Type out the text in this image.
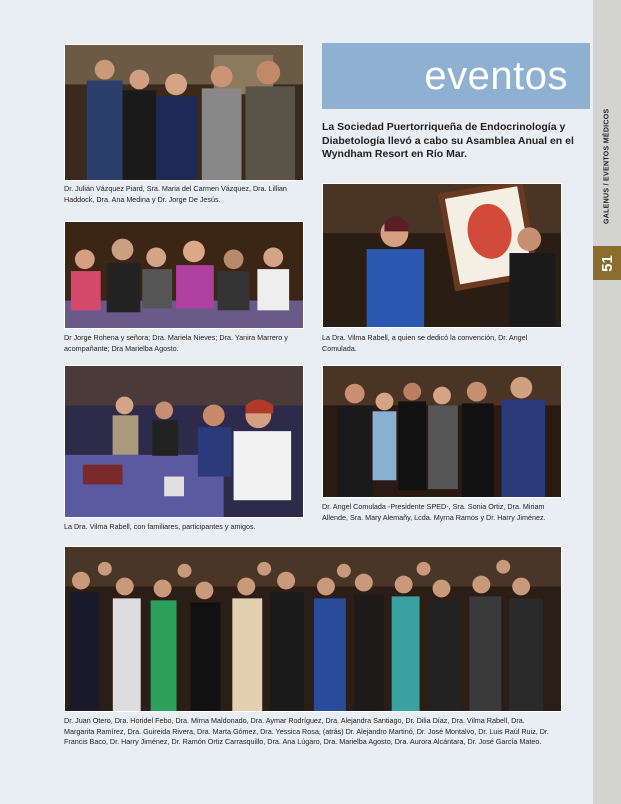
GALENUS / EVENTOS MÉDICOS
51
eventos
La Sociedad Puertorriqueña de Endocrinología y Diabetología llevó a cabo su Asamblea Anual en el Wyndham Resort en Río Mar.
Dr. Julián Vázquez Piard, Sra. Maria del Carmen Vázquez, Dra. Lillian Haddock, Dra. Ana Medina y Dr. Jorge De Jesús.
Dr Jorge Rohena y señora; Dra. Mariela Nieves; Dra. Yanira Marrero y acompañante; Dra Marielba Agosto.
La Dra. Vilma Rabell, a quien se dedicó la convención, Dr. Angel Comulada.
La Dra. Vilma Rabell, con familiares, participantes y amigos.
Dr. Angel Comulada -Presidente SPED-, Sra. Sonia Ortiz, Dra. Miriam Allende, Sra. Mary Alemañy, Lcda. Myrna Ramos y Dr. Harry Jiménez.
Dr. Juan Otero, Dra. Horidel Febo, Dra. Mirna Maldonado, Dra. Aymar Rodríguez, Dra. Alejandra Santiago, Dr. Dilia Díaz, Dra. Vilma Rabell, Dra. Margarita Ramírez, Dra. Guireida Rivera, Dra. Marta Gómez, Dra. Yessica Rosa, (atrás) Dr. Alejandro Martinó, Dr. José Montalvo, Dr. Luis Raúl Ruiz, Dr. Francis Baco, Dr. Harry Jiménez, Dr. Ramón Ortiz Carrasquillo, Dra. Ana Lúgaro, Dra. Marielba Agosto, Dra. Aurora Alcántara, Dr. José García Mateo.
